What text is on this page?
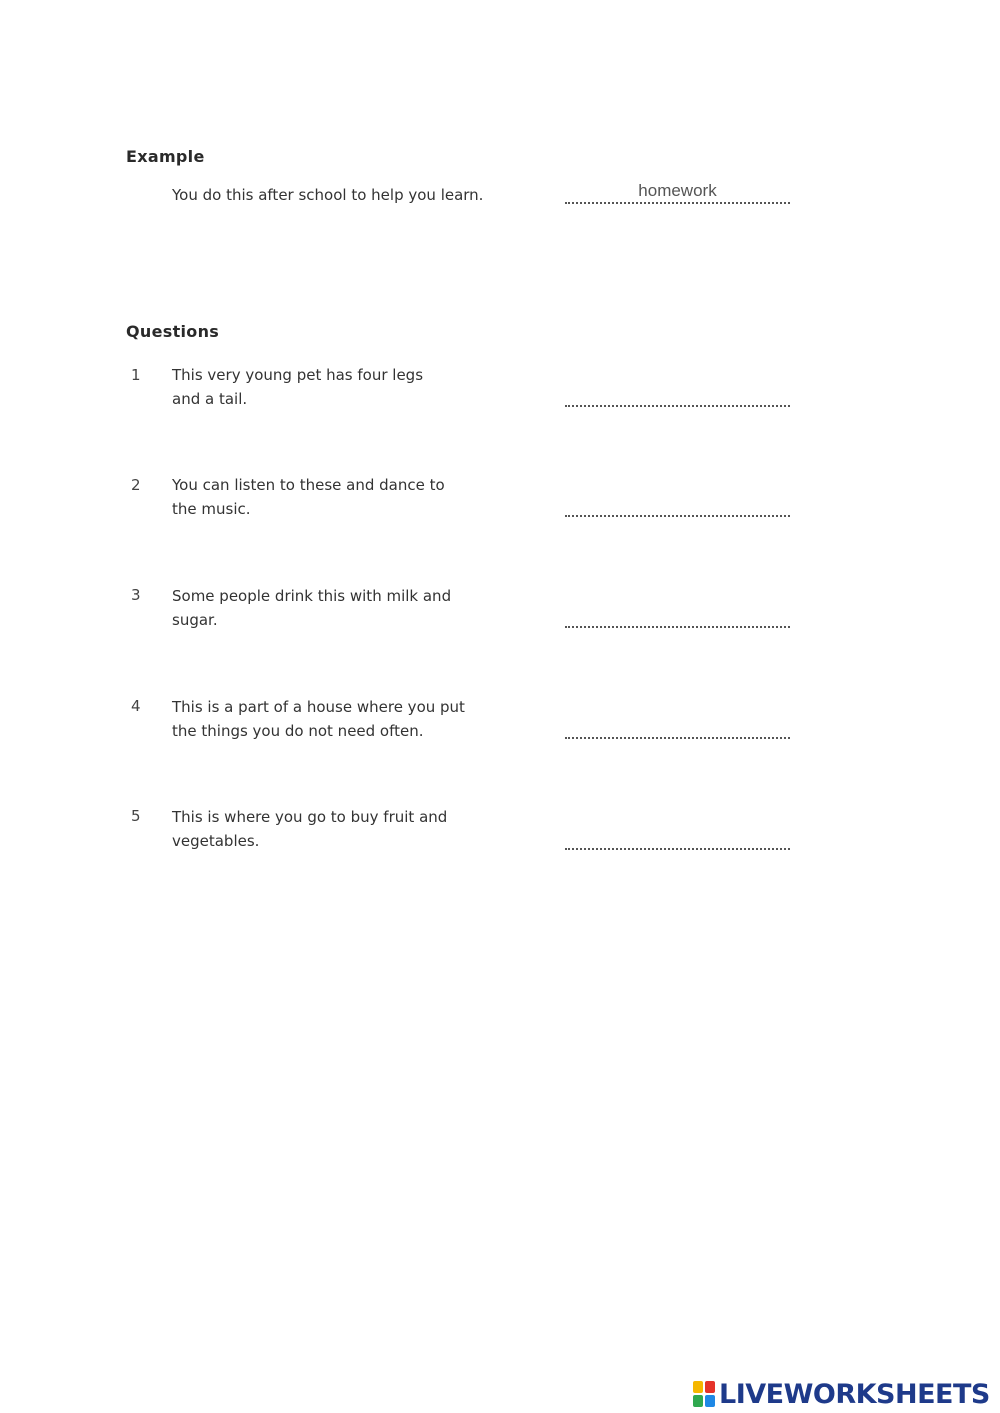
Example
You do this after school to help you learn.
homework
Questions
1 This very young pet has four legs
and a tail.
2 You can listen to these and dance to
the music.
3 Some people drink this with milk and
sugar.
4 This is a part of a house where you put
the things you do not need often.
5 This is where you go to buy fruit and
vegetables.
LIVEWORKSHEETS
